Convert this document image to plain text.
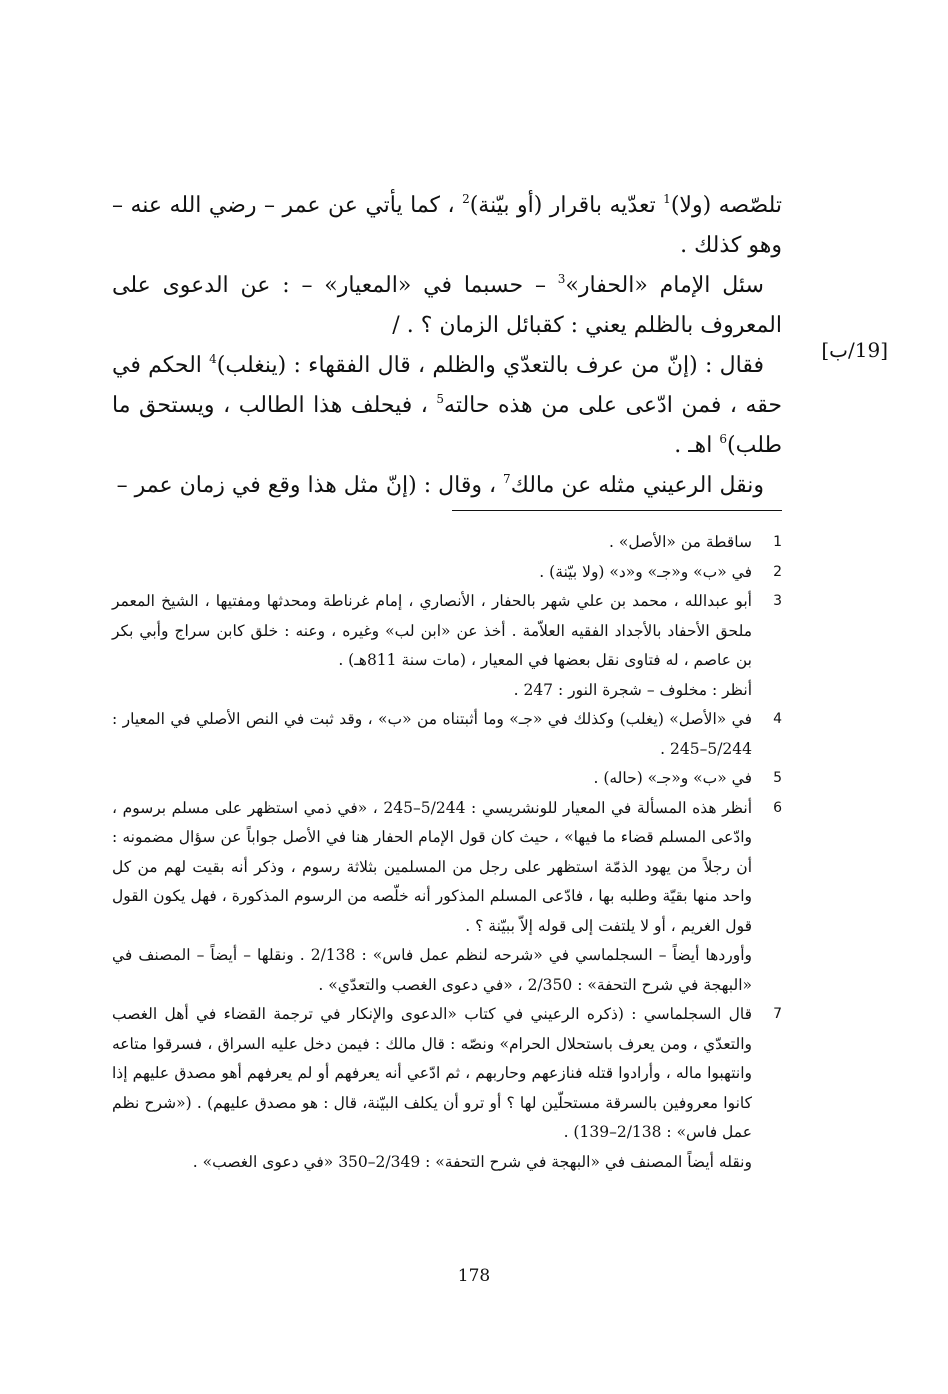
تلصّصه (ولا)$^1$ تعدّيه باقرار (أو بيّنة)$^2$ ، كما يأتي عن عمر – رضي الله عنه – وهو كذلك .

سئل الإمام «الحفار»$^3$ – حسبما في «المعيار» – : عن الدعوى على المعروف بالظلم يعني : كقبائل الزمان ؟ . /

فقال : (إنّ من عرف بالتعدّي والظلم ، قال الفقهاء : (ينغلب)$^4$ الحكم في حقه ، فمن ادّعى على من هذه حالته$^5$ ، فيحلف هذا الطالب ، ويستحق ما طلب)$^6$ اهـ .

ونقل الرعيني مثله عن مالك$^7$ ، وقال : (إنّ مثل هذا وقع في زمان عمر –

[19/ب]
1

ساقطة من «الأصل» .

2

في «ب» و«جـ» و«د» (ولا بيّنة) .

3

أبو عبدالله ، محمد بن علي شهر بالحفار ، الأنصاري ، إمام غرناطة ومحدثها ومفتيها ، الشيخ المعمر ملحق الأحفاد بالأجداد الفقيه العلاّمة . أخذ عن «ابن لب» وغيره ، وعنه : خلق كابن سراج وأبي بكر بن عاصم ، له فتاوى نقل بعضها في المعيار ، (مات سنة 811هـ) .

أنظر : مخلوف – شجرة النور : 247 .

4

في «الأصل» (يغلب) وكذلك في «جـ» وما أثبتناه من «ب» ، وقد ثبت في النص الأصلي في المعيار : 5/244–245 .

5

في «ب» و«جـ» (حاله) .

6

أنظر هذه المسألة في المعيار للونشريسي : 5/244–245 ، «في ذمي استظهر على مسلم برسوم ، وادّعى المسلم قضاء ما فيها» ، حيث كان قول الإمام الحفار هنا في الأصل جواباً عن سؤال مضمونه : أن رجلاً من يهود الذمّة استظهر على رجل من المسلمين بثلاثة رسوم ، وذكر أنه بقيت لهم من كل واحد منها بقيّة وطلبه بها ، فادّعى المسلم المذكور أنه خلّصه من الرسوم المذكورة ، فهل يكون القول قول الغريم ، أو لا يلتفت إلى قوله إلاّ ببيّنة ؟ .

وأوردها أيضاً – السجلماسي في «شرحه لنظم عمل فاس» : 2/138 . ونقلها – أيضاً – المصنف في «البهجة في شرح التحفة» : 2/350 ، «في دعوى الغصب والتعدّي» .

7

قال السجلماسي : (ذكره الرعيني في كتاب «الدعوى والإنكار في ترجمة القضاء في أهل الغصب والتعدّي ، ومن يعرف باستحلال الحرام» ونصّه : قال مالك : فيمن دخل عليه السراق ، فسرقوا متاعه وانتهبوا ماله ، وأرادوا قتله فنازعهم وحاربهم ، ثم ادّعي أنه يعرفهم أو لم يعرفهم أهو مصدق عليهم إذا كانوا معروفين بالسرقة مستحلّين لها ؟ أو ترو أن يكلف البيّنة، قال : هو مصدق عليهم) . («شرح نظم عمل فاس» : 2/138–139) .

ونقله أيضاً المصنف في «البهجة في شرح التحفة» : 2/349–350 «في دعوى الغصب» .

178
